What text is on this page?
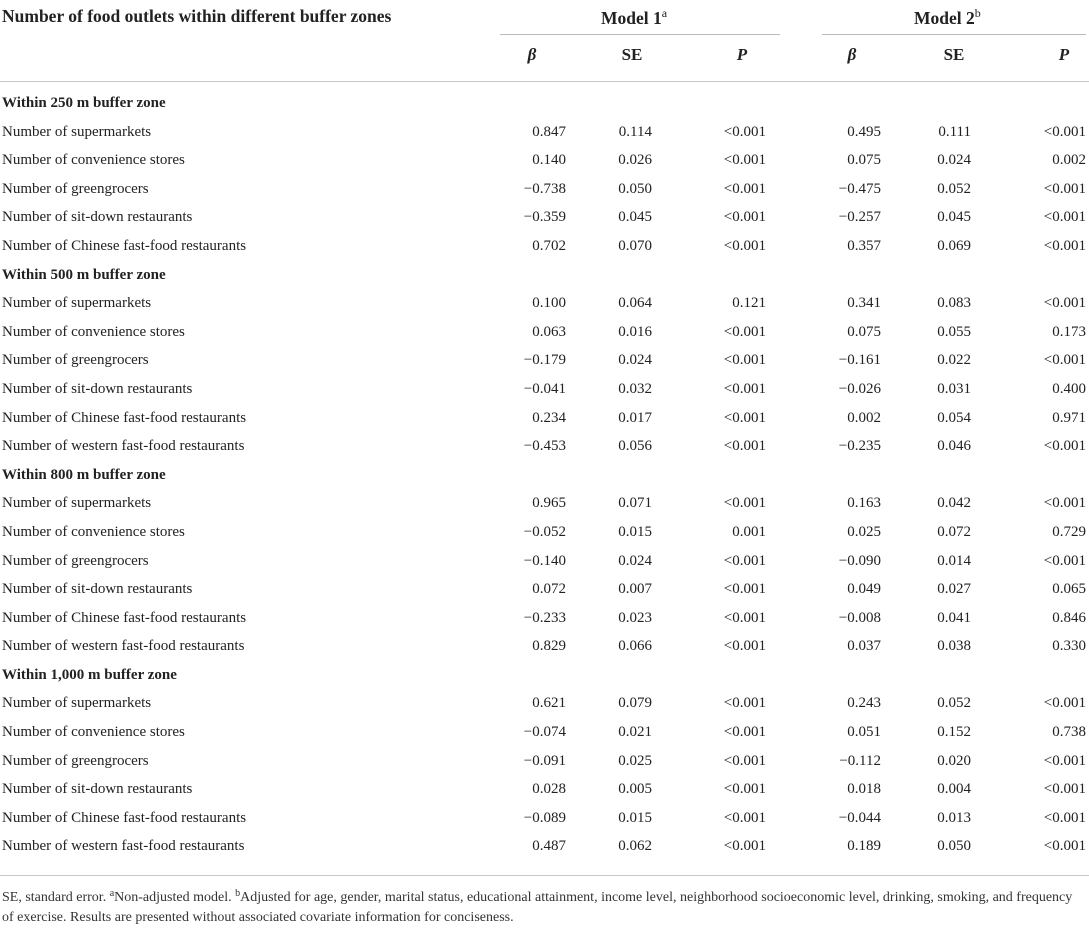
Number of food outlets within different buffer zones	Model 1$^a$	Model 2$^b$
β	SE	P	β	SE	P
Within 250 m buffer zone
Number of supermarkets	0.847	0.114	<0.001	0.495	0.111	<0.001
Number of convenience stores	0.140	0.026	<0.001	0.075	0.024	0.002
Number of greengrocers	−0.738	0.050	<0.001	−0.475	0.052	<0.001
Number of sit-down restaurants	−0.359	0.045	<0.001	−0.257	0.045	<0.001
Number of Chinese fast-food restaurants	0.702	0.070	<0.001	0.357	0.069	<0.001
Within 500 m buffer zone
Number of supermarkets	0.100	0.064	0.121	0.341	0.083	<0.001
Number of convenience stores	0.063	0.016	<0.001	0.075	0.055	0.173
Number of greengrocers	−0.179	0.024	<0.001	−0.161	0.022	<0.001
Number of sit-down restaurants	−0.041	0.032	<0.001	−0.026	0.031	0.400
Number of Chinese fast-food restaurants	0.234	0.017	<0.001	0.002	0.054	0.971
Number of western fast-food restaurants	−0.453	0.056	<0.001	−0.235	0.046	<0.001
Within 800 m buffer zone
Number of supermarkets	0.965	0.071	<0.001	0.163	0.042	<0.001
Number of convenience stores	−0.052	0.015	0.001	0.025	0.072	0.729
Number of greengrocers	−0.140	0.024	<0.001	−0.090	0.014	<0.001
Number of sit-down restaurants	0.072	0.007	<0.001	0.049	0.027	0.065
Number of Chinese fast-food restaurants	−0.233	0.023	<0.001	−0.008	0.041	0.846
Number of western fast-food restaurants	0.829	0.066	<0.001	0.037	0.038	0.330
Within 1,000 m buffer zone
Number of supermarkets	0.621	0.079	<0.001	0.243	0.052	<0.001
Number of convenience stores	−0.074	0.021	<0.001	0.051	0.152	0.738
Number of greengrocers	−0.091	0.025	<0.001	−0.112	0.020	<0.001
Number of sit-down restaurants	0.028	0.005	<0.001	0.018	0.004	<0.001
Number of Chinese fast-food restaurants	−0.089	0.015	<0.001	−0.044	0.013	<0.001
Number of western fast-food restaurants	0.487	0.062	<0.001	0.189	0.050	<0.001
SE, standard error. $^a$Non-adjusted model. $^b$Adjusted for age, gender, marital status, educational attainment, income level, neighborhood socioeconomic level, drinking, smoking, and frequency of exercise. Results are presented without associated covariate information for conciseness.
